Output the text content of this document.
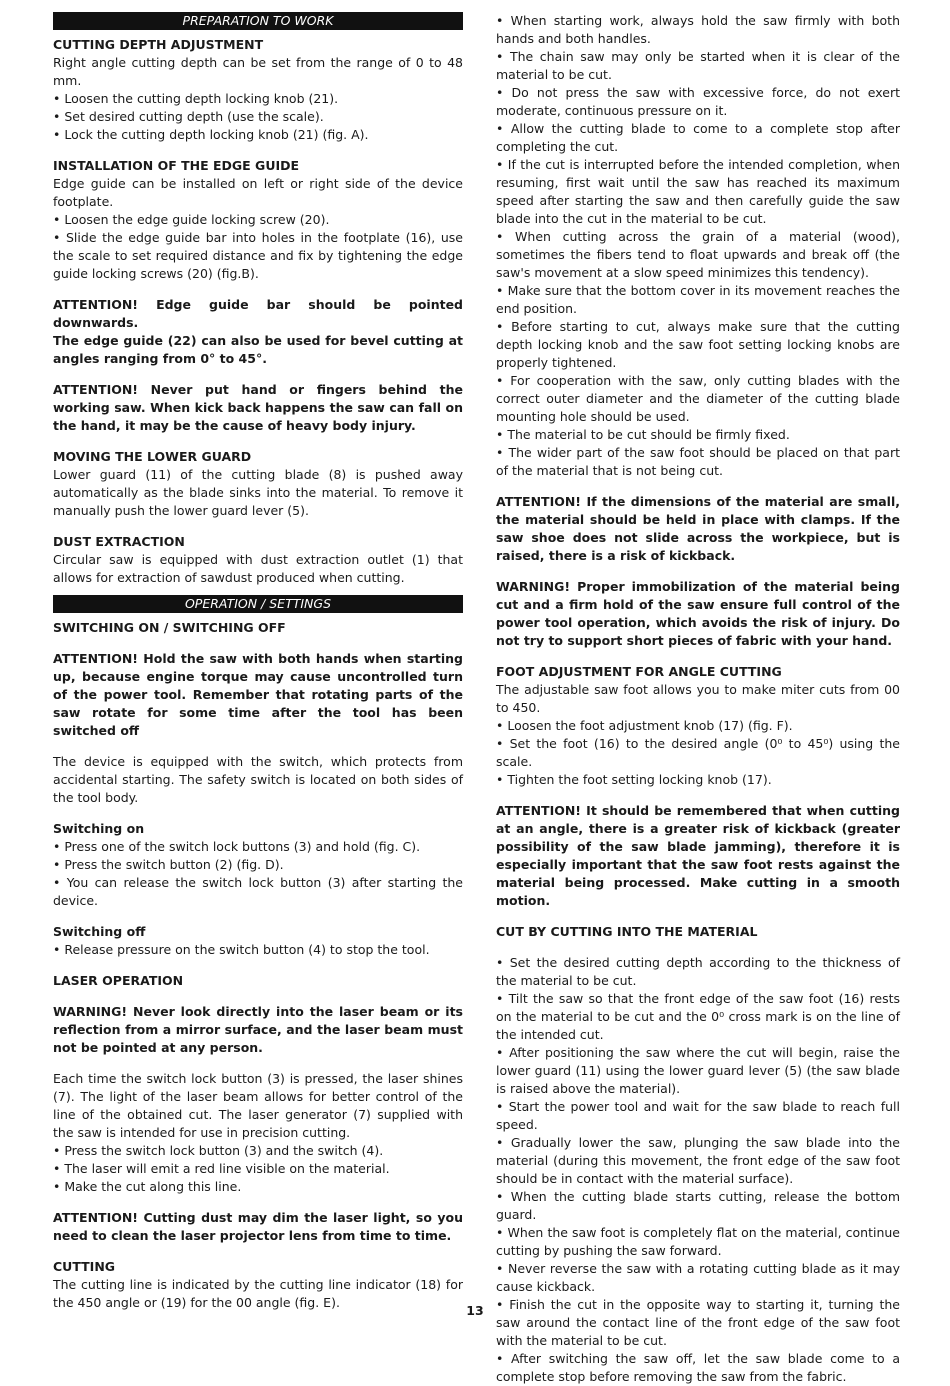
PREPARATION TO WORK
CUTTING DEPTH ADJUSTMENT
Right angle cutting depth can be set from the range of 0 to 48 mm.
• Loosen the cutting depth locking knob (21).
• Set desired cutting depth (use the scale).
• Lock the cutting depth locking knob (21) (fig. A).
INSTALLATION OF THE EDGE GUIDE
Edge guide can be installed on left or right side of the device footplate.
• Loosen the edge guide locking screw (20).
• Slide the edge guide bar into holes in the footplate (16), use the scale to set required distance and fix by tightening the edge guide locking screws (20) (fig.B).
ATTENTION! Edge guide bar should be pointed downwards.
The edge guide (22) can also be used for bevel cutting at angles ranging from 0° to 45°.
ATTENTION! Never put hand or fingers behind the working saw. When kick back happens the saw can fall on the hand, it may be the cause of heavy body injury.
MOVING THE LOWER GUARD
Lower guard (11) of the cutting blade (8) is pushed away automatically as the blade sinks into the material. To remove it manually push the lower guard lever (5).
DUST EXTRACTION
Circular saw is equipped with dust extraction outlet (1) that allows for extraction of sawdust produced when cutting.
OPERATION / SETTINGS
SWITCHING ON / SWITCHING OFF
ATTENTION! Hold the saw with both hands when starting up, because engine torque may cause uncontrolled turn of the power tool. Remember that rotating parts of the saw rotate for some time after the tool has been switched off
The device is equipped with the switch, which protects from accidental starting. The safety switch is located on both sides of the tool body.
Switching on
• Press one of the switch lock buttons (3) and hold (fig. C).
• Press the switch button (2) (fig. D).
• You can release the switch lock button (3) after starting the device.
Switching off
• Release pressure on the switch button (4) to stop the tool.
LASER OPERATION
WARNING! Never look directly into the laser beam or its reflection from a mirror surface, and the laser beam must not be pointed at any person.
Each time the switch lock button (3) is pressed, the laser shines (7). The light of the laser beam allows for better control of the line of the obtained cut. The laser generator (7) supplied with the saw is intended for use in precision cutting.
• Press the switch lock button (3) and the switch (4).
• The laser will emit a red line visible on the material.
• Make the cut along this line.
ATTENTION! Cutting dust may dim the laser light, so you need to clean the laser projector lens from time to time.
CUTTING
The cutting line is indicated by the cutting line indicator (18) for the 450 angle or (19) for the 00 angle (fig. E).
• When starting work, always hold the saw firmly with both hands and both handles.
• The chain saw may only be started when it is clear of the material to be cut.
• Do not press the saw with excessive force, do not exert moderate, continuous pressure on it.
• Allow the cutting blade to come to a complete stop after completing the cut.
• If the cut is interrupted before the intended completion, when resuming, first wait until the saw has reached its maximum speed after starting the saw and then carefully guide the saw blade into the cut in the material to be cut.
• When cutting across the grain of a material (wood), sometimes the fibers tend to float upwards and break off (the saw's movement at a slow speed minimizes this tendency).
• Make sure that the bottom cover in its movement reaches the end position.
• Before starting to cut, always make sure that the cutting depth locking knob and the saw foot setting locking knobs are properly tightened.
• For cooperation with the saw, only cutting blades with the correct outer diameter and the diameter of the cutting blade mounting hole should be used.
• The material to be cut should be firmly fixed.
• The wider part of the saw foot should be placed on that part of the material that is not being cut.
ATTENTION! If the dimensions of the material are small, the material should be held in place with clamps. If the saw shoe does not slide across the workpiece, but is raised, there is a risk of kickback.
WARNING! Proper immobilization of the material being cut and a firm hold of the saw ensure full control of the power tool operation, which avoids the risk of injury. Do not try to support short pieces of fabric with your hand.
FOOT ADJUSTMENT FOR ANGLE CUTTING
The adjustable saw foot allows you to make miter cuts from 00 to 450.
• Loosen the foot adjustment knob (17) (fig. F).
• Set the foot (16) to the desired angle (0⁰ to 45⁰) using the scale.
• Tighten the foot setting locking knob (17).
ATTENTION! It should be remembered that when cutting at an angle, there is a greater risk of kickback (greater possibility of the saw blade jamming), therefore it is especially important that the saw foot rests against the material being processed. Make cutting in a smooth motion.
CUT BY CUTTING INTO THE MATERIAL
• Set the desired cutting depth according to the thickness of the material to be cut.
• Tilt the saw so that the front edge of the saw foot (16) rests on the material to be cut and the 0⁰ cross mark is on the line of the intended cut.
• After positioning the saw where the cut will begin, raise the lower guard (11) using the lower guard lever (5) (the saw blade is raised above the material).
• Start the power tool and wait for the saw blade to reach full speed.
• Gradually lower the saw, plunging the saw blade into the material (during this movement, the front edge of the saw foot should be in contact with the material surface).
• When the cutting blade starts cutting, release the bottom guard.
• When the saw foot is completely flat on the material, continue cutting by pushing the saw forward.
• Never reverse the saw with a rotating cutting blade as it may cause kickback.
• Finish the cut in the opposite way to starting it, turning the saw around the contact line of the front edge of the saw foot with the material to be cut.
• After switching the saw off, let the saw blade come to a complete stop before removing the saw from the fabric.
13
